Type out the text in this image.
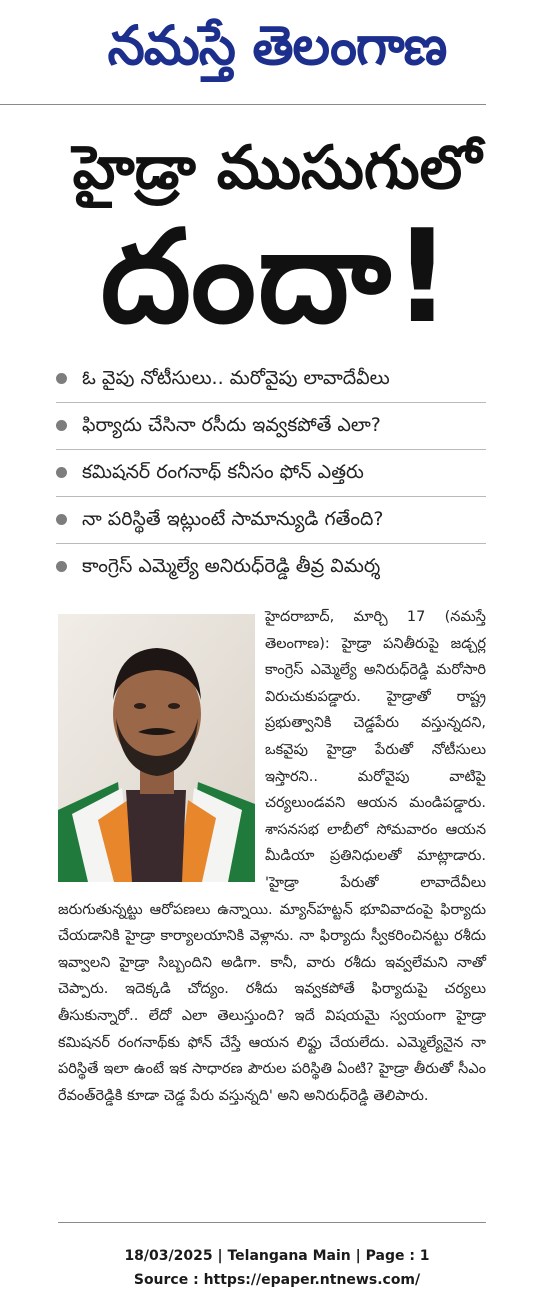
నమస్తే తెలంగాణ
హైడ్రా ముసుగులో
దందా!
ఓ వైపు నోటీసులు.. మరోవైపు లావాదేవీలు
ఫిర్యాదు చేసినా రసీదు ఇవ్వకపోతే ఎలా?
కమిషనర్ రంగనాథ్ కనీసం ఫోన్ ఎత్తరు
నా పరిస్థితే ఇట్లుంటే సామాన్యుడి గతేంది?
కాంగ్రెస్ ఎమ్మెల్యే అనిరుధ్‌రెడ్డి తీవ్ర విమర్శ

హైదరాబాద్, మార్చి 17 (నమస్తే తెలంగాణ): హైడ్రా పనితీరుపై జడ్చర్ల కాంగ్రెస్ ఎమ్మెల్యే అనిరుధ్‌రెడ్డి మరోసారి విరుచుకుపడ్డారు. హైడ్రాతో రాష్ట్ర ప్రభుత్వానికి చెడ్డపేరు వస్తున్నదని, ఒకవైపు హైడ్రా పేరుతో నోటీసులు ఇస్తారని.. మరోవైపు వాటిపై చర్యలుండవని ఆయన మండిపడ్డారు. శాసనసభ లాబీలో సోమవారం ఆయన మీడియా ప్రతినిధులతో మాట్లాడారు. 'హైడ్రా పేరుతో లావాదేవీలు జరుగుతున్నట్టు ఆరోపణలు ఉన్నాయి. మ్యాన్‌హట్టన్ భూవివాదంపై ఫిర్యాదు చేయడానికి హైడ్రా కార్యాలయానికి వెళ్లాను. నా ఫిర్యాదు స్వీకరించినట్టు రశీదు ఇవ్వాలని హైడ్రా సిబ్బందిని అడిగా. కానీ, వారు రశీదు ఇవ్వలేమని నాతో చెప్పారు. ఇదెక్కడి చోద్యం. రశీదు ఇవ్వకపోతే ఫిర్యాదుపై చర్యలు తీసుకున్నారో.. లేదో ఎలా తెలుస్తుంది? ఇదే విషయమై స్వయంగా హైడ్రా కమిషనర్ రంగనాథ్‌కు ఫోన్ చేస్తే ఆయన లిఫ్టు చేయలేదు. ఎమ్మెల్యేనైన నా పరిస్థితే ఇలా ఉంటే ఇక సాధారణ పౌరుల పరిస్థితి ఏంటి? హైడ్రా తీరుతో సీఎం రేవంత్‌రెడ్డికి కూడా చెడ్డ పేరు వస్తున్నది' అని అనిరుధ్‌రెడ్డి తెలిపారు.

18/03/2025 | Telangana Main | Page : 1
Source : https://epaper.ntnews.com/
